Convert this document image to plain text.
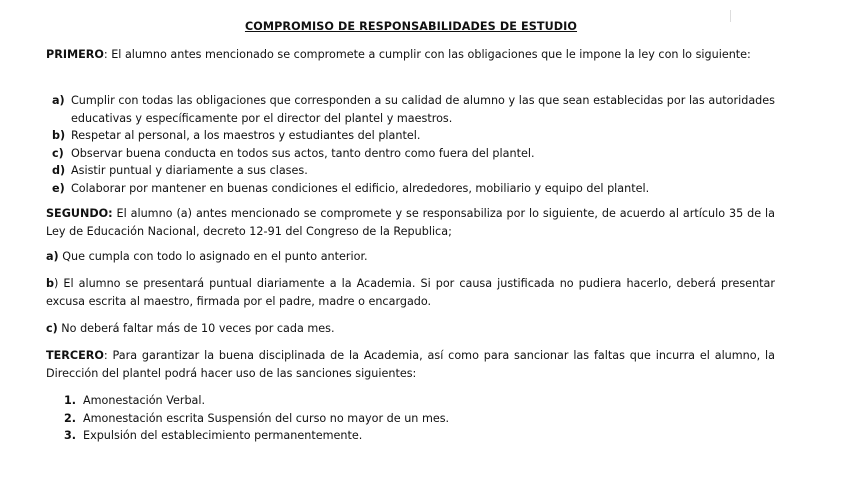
COMPROMISO DE RESPONSABILIDADES DE ESTUDIO
PRIMERO: El alumno antes mencionado se compromete a cumplir con las obligaciones que le impone la ley con lo siguiente:
a) Cumplir con todas las obligaciones que corresponden a su calidad de alumno y las que sean establecidas por las autoridades educativas y específicamente por el director del plantel y maestros.
b) Respetar al personal, a los maestros y estudiantes del plantel.
c) Observar buena conducta en todos sus actos, tanto dentro como fuera del plantel.
d) Asistir puntual y diariamente a sus clases.
e) Colaborar por mantener en buenas condiciones el edificio, alrededores, mobiliario y equipo del plantel.
SEGUNDO: El alumno (a) antes mencionado se compromete y se responsabiliza por lo siguiente, de acuerdo al artículo 35 de la Ley de Educación Nacional, decreto 12-91 del Congreso de la Republica;
a) Que cumpla con todo lo asignado en el punto anterior.
b) El alumno se presentará puntual diariamente a la Academia. Si por causa justificada no pudiera hacerlo, deberá presentar excusa escrita al maestro, firmada por el padre, madre o encargado.
c) No deberá faltar más de 10 veces por cada mes.
TERCERO: Para garantizar la buena disciplinada de la Academia, así como para sancionar las faltas que incurra el alumno, la Dirección del plantel podrá hacer uso de las sanciones siguientes:
1. Amonestación Verbal.
2. Amonestación escrita Suspensión del curso no mayor de un mes.
3. Expulsión del establecimiento permanentemente.
